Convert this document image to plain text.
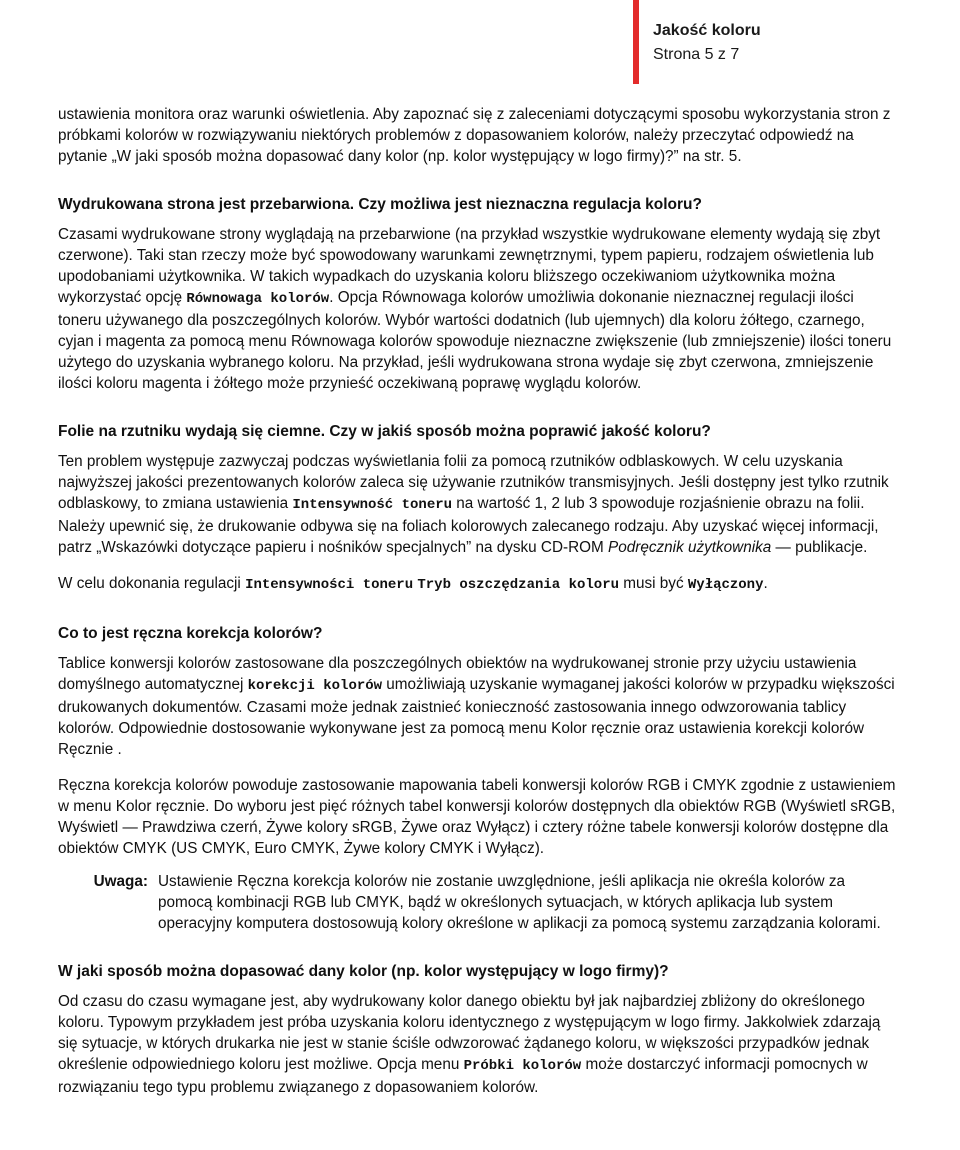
Jakość koloru
Strona 5 z 7

ustawienia monitora oraz warunki oświetlenia. Aby zapoznać się z zaleceniami dotyczącymi sposobu wykorzystania stron z próbkami kolorów w rozwiązywaniu niektórych problemów z dopasowaniem kolorów, należy przeczytać odpowiedź na pytanie „W jaki sposób można dopasować dany kolor (np. kolor występujący w logo firmy)?” na str. 5.

Wydrukowana strona jest przebarwiona. Czy możliwa jest nieznaczna regulacja koloru?

Czasami wydrukowane strony wyglądają na przebarwione (na przykład wszystkie wydrukowane elementy wydają się zbyt czerwone). Taki stan rzeczy może być spowodowany warunkami zewnętrznymi, typem papieru, rodzajem oświetlenia lub upodobaniami użytkownika. W takich wypadkach do uzyskania koloru bliższego oczekiwaniom użytkownika można wykorzystać opcję Równowaga kolorów. Opcja Równowaga kolorów umożliwia dokonanie nieznacznej regulacji ilości toneru używanego dla poszczególnych kolorów. Wybór wartości dodatnich (lub ujemnych) dla koloru żółtego, czarnego, cyjan i magenta za pomocą menu Równowaga kolorów spowoduje nieznaczne zwiększenie (lub zmniejszenie) ilości toneru użytego do uzyskania wybranego koloru. Na przykład, jeśli wydrukowana strona wydaje się zbyt czerwona, zmniejszenie ilości koloru magenta i żółtego może przynieść oczekiwaną poprawę wyglądu kolorów.

Folie na rzutniku wydają się ciemne. Czy w jakiś sposób można poprawić jakość koloru?

Ten problem występuje zazwyczaj podczas wyświetlania folii za pomocą rzutników odblaskowych. W celu uzyskania najwyższej jakości prezentowanych kolorów zaleca się używanie rzutników transmisyjnych. Jeśli dostępny jest tylko rzutnik odblaskowy, to zmiana ustawienia Intensywność toneru na wartość 1, 2 lub 3 spowoduje rozjaśnienie obrazu na folii. Należy upewnić się, że drukowanie odbywa się na foliach kolorowych zalecanego rodzaju. Aby uzyskać więcej informacji, patrz „Wskazówki dotyczące papieru i nośników specjalnych” na dysku CD-ROM Podręcznik użytkownika — publikacje.

W celu dokonania regulacji Intensywności toneru Tryb oszczędzania koloru musi być Wyłączony.

Co to jest ręczna korekcja kolorów?

Tablice konwersji kolorów zastosowane dla poszczególnych obiektów na wydrukowanej stronie przy użyciu ustawienia domyślnego automatycznej korekcji kolorów umożliwiają uzyskanie wymaganej jakości kolorów w przypadku większości drukowanych dokumentów. Czasami może jednak zaistnieć konieczność zastosowania innego odwzorowania tablicy kolorów. Odpowiednie dostosowanie wykonywane jest za pomocą menu Kolor ręcznie oraz ustawienia korekcji kolorów Ręcznie .

Ręczna korekcja kolorów powoduje zastosowanie mapowania tabeli konwersji kolorów RGB i CMYK zgodnie z ustawieniem w menu Kolor ręcznie. Do wyboru jest pięć różnych tabel konwersji kolorów dostępnych dla obiektów RGB (Wyświetl sRGB, Wyświetl — Prawdziwa czerń, Żywe kolory sRGB, Żywe oraz Wyłącz) i cztery różne tabele konwersji kolorów dostępne dla obiektów CMYK (US CMYK, Euro CMYK, Żywe kolory CMYK i Wyłącz).

Uwaga: Ustawienie Ręczna korekcja kolorów nie zostanie uwzględnione, jeśli aplikacja nie określa kolorów za pomocą kombinacji RGB lub CMYK, bądź w określonych sytuacjach, w których aplikacja lub system operacyjny komputera dostosowują kolory określone w aplikacji za pomocą systemu zarządzania kolorami.
W jaki sposób można dopasować dany kolor (np. kolor występujący w logo firmy)?

Od czasu do czasu wymagane jest, aby wydrukowany kolor danego obiektu był jak najbardziej zbliżony do określonego koloru. Typowym przykładem jest próba uzyskania koloru identycznego z występującym w logo firmy. Jakkolwiek zdarzają się sytuacje, w których drukarka nie jest w stanie ściśle odwzorować żądanego koloru, w większości przypadków jednak określenie odpowiedniego koloru jest możliwe. Opcja menu Próbki kolorów może dostarczyć informacji pomocnych w rozwiązaniu tego typu problemu związanego z dopasowaniem kolorów.
